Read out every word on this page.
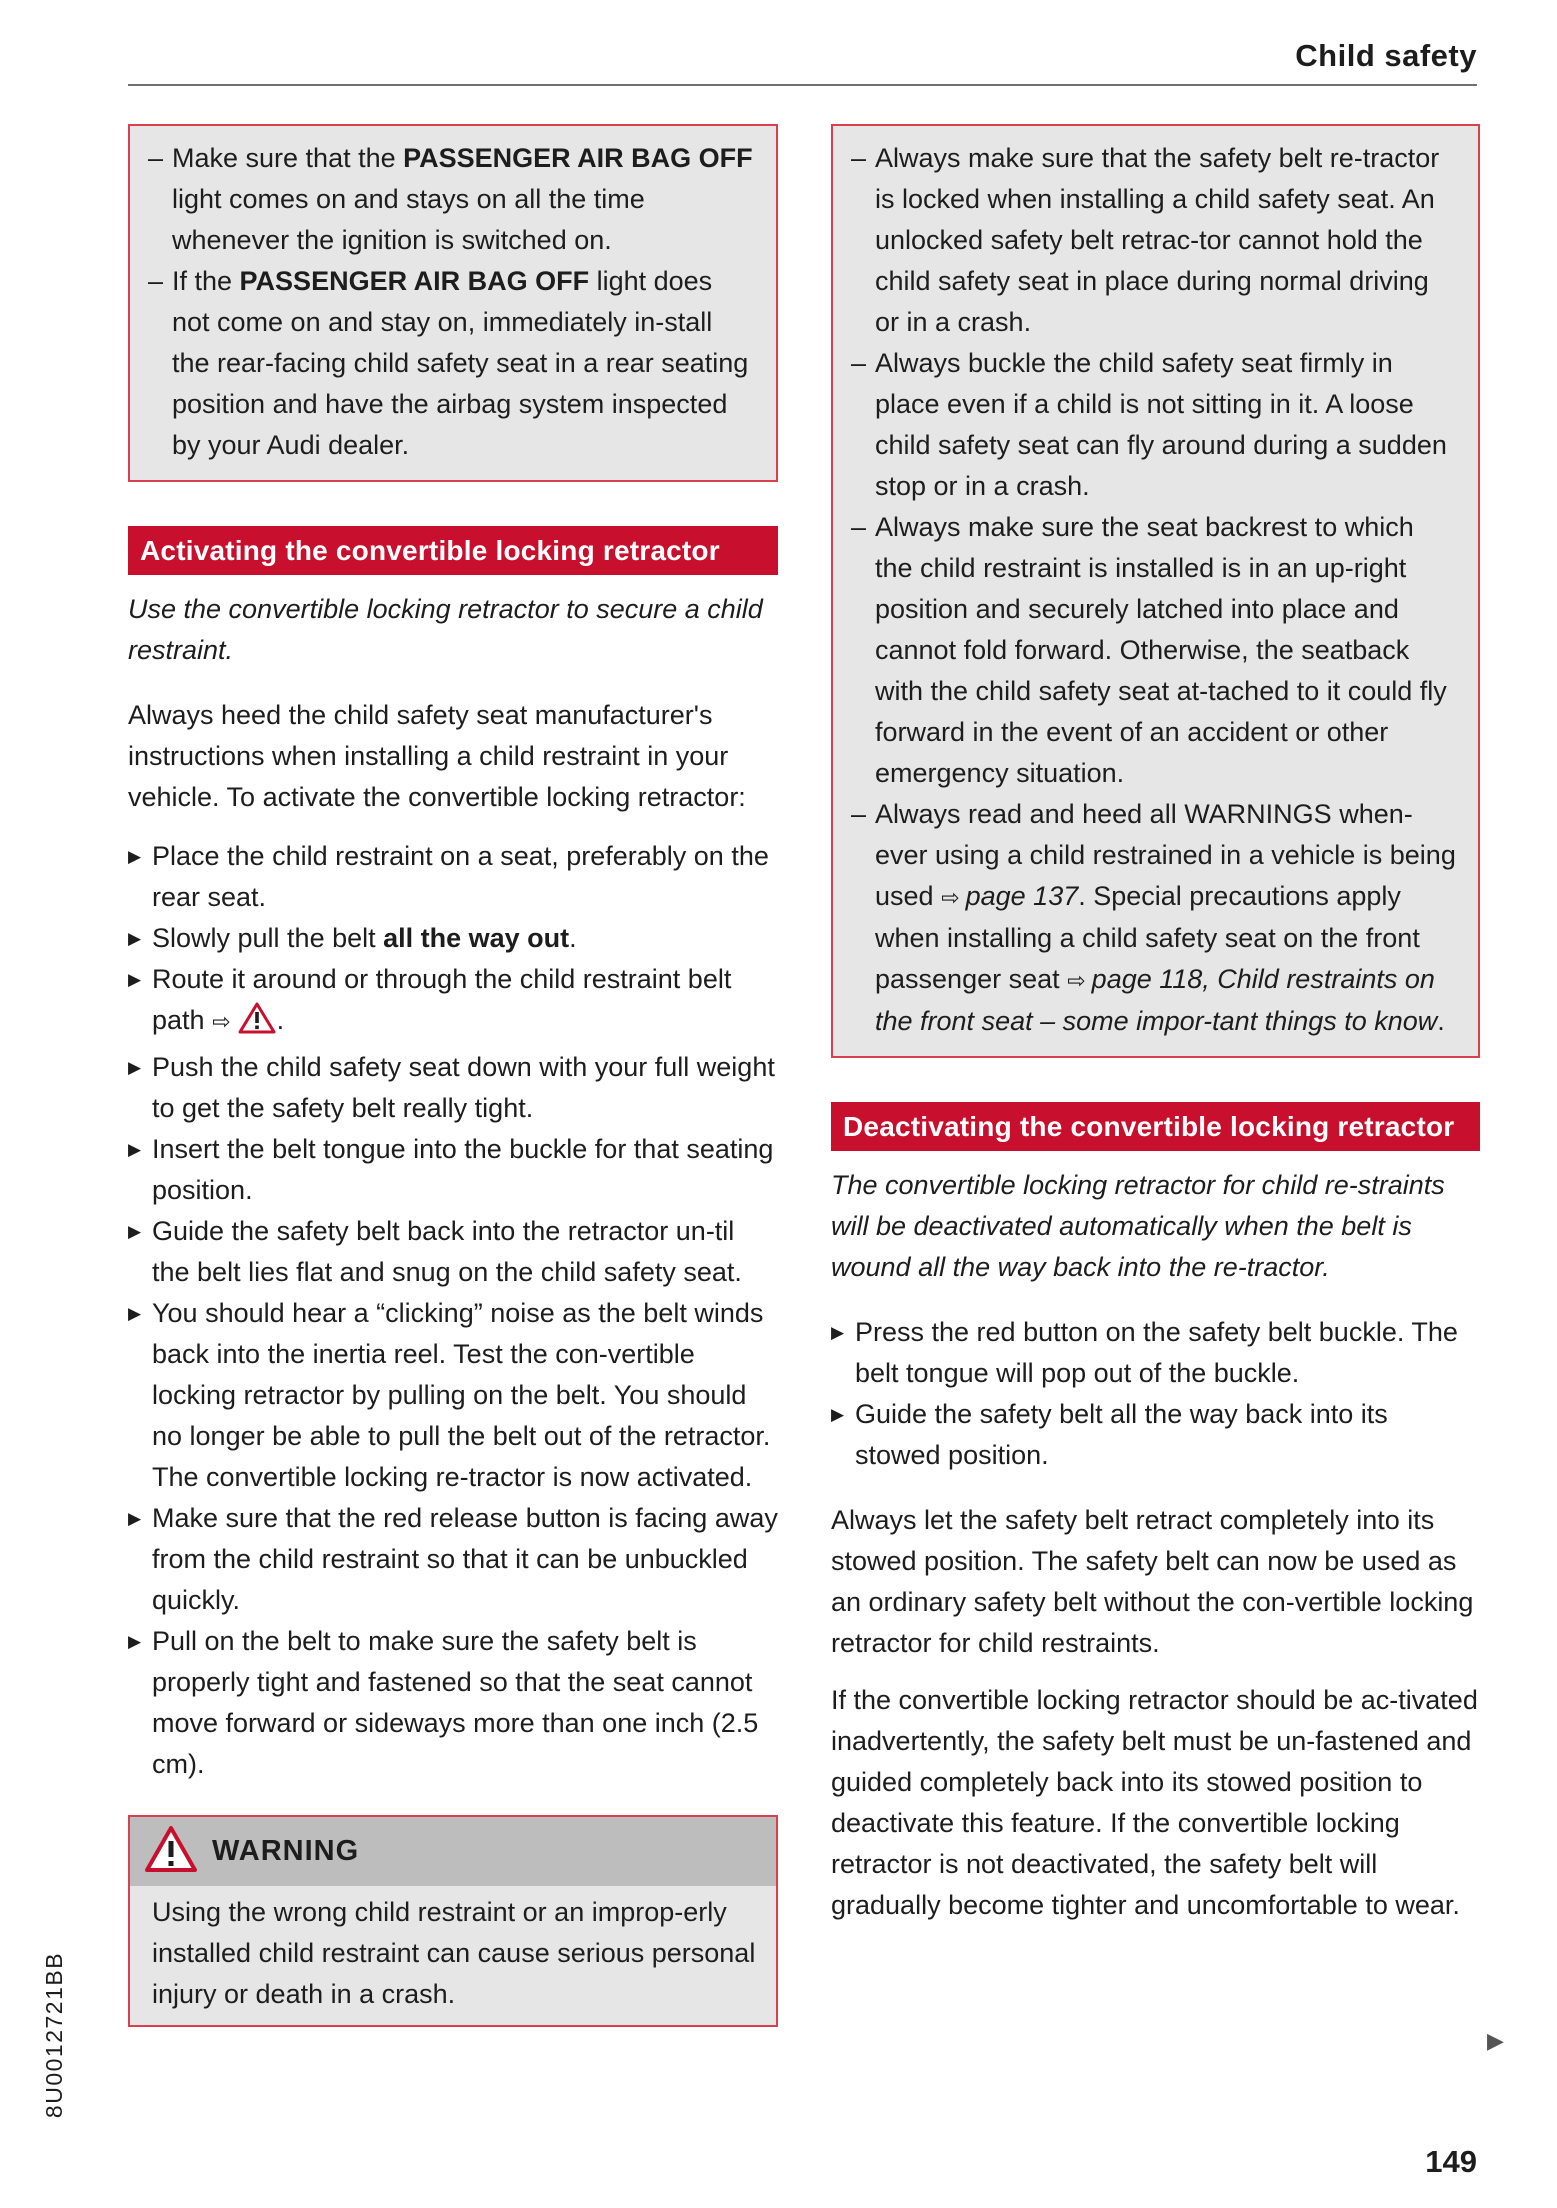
Child safety
– Make sure that the PASSENGER AIR BAG OFF light comes on and stays on all the time whenever the ignition is switched on.
– If the PASSENGER AIR BAG OFF light does not come on and stay on, immediately in-stall the rear-facing child safety seat in a rear seating position and have the airbag system inspected by your Audi dealer.
Activating the convertible locking retractor

Use the convertible locking retractor to secure a child restraint.

Always heed the child safety seat manufacturer's instructions when installing a child restraint in your vehicle. To activate the convertible locking retractor:

▶ Place the child restraint on a seat, preferably on the rear seat.
▶ Slowly pull the belt all the way out.
▶ Route it around or through the child restraint belt path ⇨ .
▶ Push the child safety seat down with your full weight to get the safety belt really tight.
▶ Insert the belt tongue into the buckle for that seating position.
▶ Guide the safety belt back into the retractor un-til the belt lies flat and snug on the child safety seat.
▶ You should hear a “clicking” noise as the belt winds back into the inertia reel. Test the con-vertible locking retractor by pulling on the belt. You should no longer be able to pull the belt out of the retractor. The convertible locking re-tractor is now activated.
▶ Make sure that the red release button is facing away from the child restraint so that it can be unbuckled quickly.
▶ Pull on the belt to make sure the safety belt is properly tight and fastened so that the seat cannot move forward or sideways more than one inch (2.5 cm).
WARNING
Using the wrong child restraint or an improp-erly installed child restraint can cause serious personal injury or death in a crash.
– Always make sure that the safety belt re-tractor is locked when installing a child safety seat. An unlocked safety belt retrac-tor cannot hold the child safety seat in place during normal driving or in a crash.
– Always buckle the child safety seat firmly in place even if a child is not sitting in it. A loose child safety seat can fly around during a sudden stop or in a crash.
– Always make sure the seat backrest to which the child restraint is installed is in an up-right position and securely latched into place and cannot fold forward. Otherwise, the seatback with the child safety seat at-tached to it could fly forward in the event of an accident or other emergency situation.
– Always read and heed all WARNINGS when-ever using a child restrained in a vehicle is being used ⇨ page 137. Special precautions apply when installing a child safety seat on the front passenger seat ⇨ page 118, Child restraints on the front seat – some impor-tant things to know.
Deactivating the convertible locking retractor

The convertible locking retractor for child re-straints will be deactivated automatically when the belt is wound all the way back into the re-tractor.

▶ Press the red button on the safety belt buckle. The belt tongue will pop out of the buckle.
▶ Guide the safety belt all the way back into its stowed position.

Always let the safety belt retract completely into its stowed position. The safety belt can now be used as an ordinary safety belt without the con-vertible locking retractor for child restraints.

If the convertible locking retractor should be ac-tivated inadvertently, the safety belt must be un-fastened and guided completely back into its stowed position to deactivate this feature. If the convertible locking retractor is not deactivated, the safety belt will gradually become tighter and uncomfortable to wear.

8U0012721BB	▶
149
